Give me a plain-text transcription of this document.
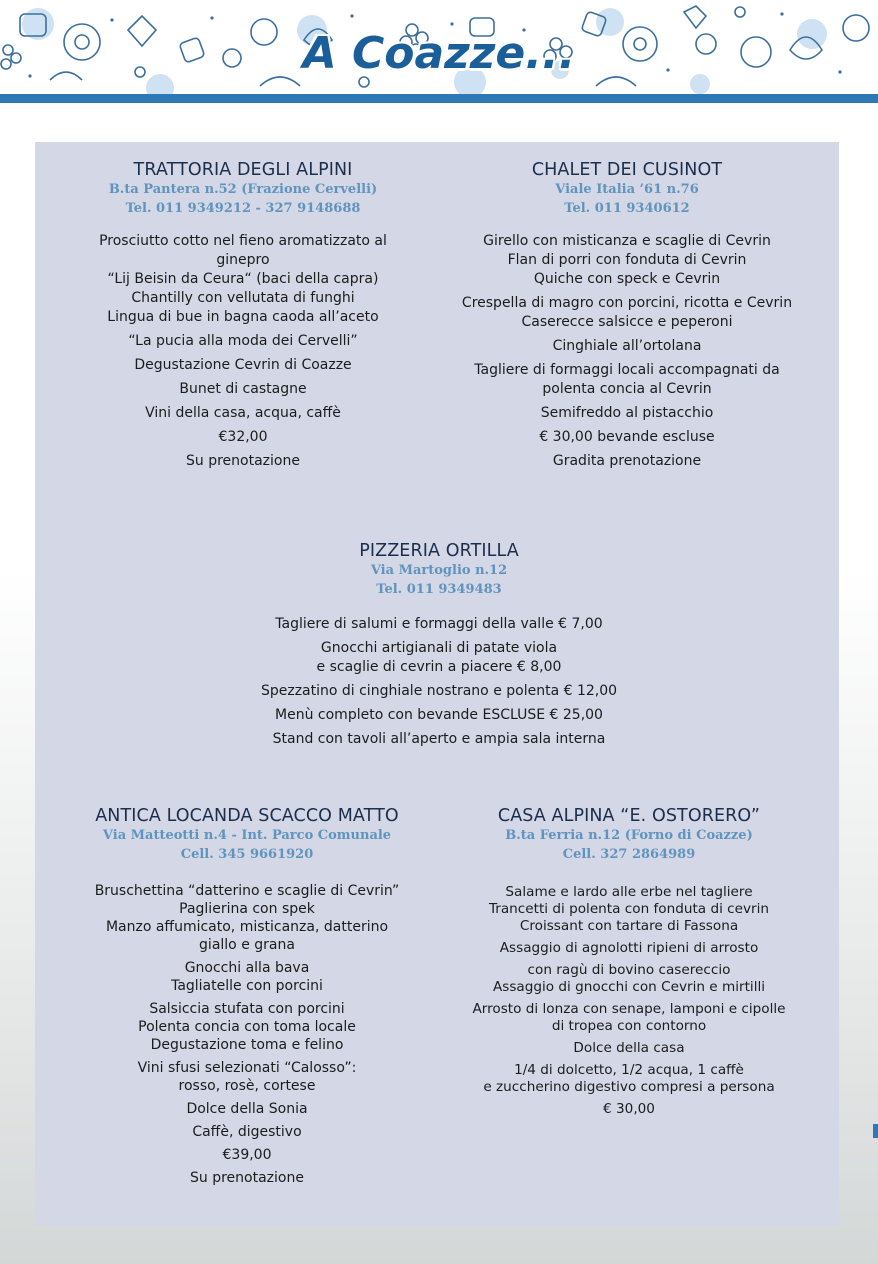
A Coazze...
TRATTORIA DEGLI ALPINI
B.ta Pantera n.52 (Frazione Cervelli)
Tel. 011 9349212 - 327 9148688

Prosciutto cotto nel fieno aromatizzato al
ginepro
“Lij Beisin da Ceura“ (baci della capra)
Chantilly con vellutata di funghi
Lingua di bue in bagna caoda all’aceto

“La pucia alla moda dei Cervelli”

Degustazione Cevrin di Coazze

Bunet di castagne

Vini della casa, acqua, caffè

€32,00

Su prenotazione

CHALET DEI CUSINOT
Viale Italia ’61 n.76
Tel. 011 9340612

Girello con misticanza e scaglie di Cevrin
Flan di porri con fonduta di Cevrin
Quiche con speck e Cevrin

Crespella di magro con porcini, ricotta e Cevrin
Caserecce salsicce e peperoni

Cinghiale all’ortolana

Tagliere di formaggi locali accompagnati da
polenta concia al Cevrin

Semifreddo al pistacchio

€ 30,00 bevande escluse

Gradita prenotazione

PIZZERIA ORTILLA
Via Martoglio n.12
Tel. 011 9349483

Tagliere di salumi e formaggi della valle € 7,00

Gnocchi artigianali di patate viola
e scaglie di cevrin a piacere € 8,00

Spezzatino di cinghiale nostrano e polenta € 12,00

Menù completo con bevande ESCLUSE € 25,00

Stand con tavoli all’aperto e ampia sala interna

ANTICA LOCANDA SCACCO MATTO
Via Matteotti n.4 - Int. Parco Comunale
Cell. 345 9661920

Bruschettina “datterino e scaglie di Cevrin”
Paglierina con spek
Manzo affumicato, misticanza, datterino
giallo e grana

Gnocchi alla bava
Tagliatelle con porcini

Salsiccia stufata con porcini
Polenta concia con toma locale
Degustazione toma e felino

Vini sfusi selezionati “Calosso”:
rosso, rosè, cortese

Dolce della Sonia

Caffè, digestivo

€39,00

Su prenotazione

CASA ALPINA “E. OSTORERO”
B.ta Ferria n.12 (Forno di Coazze)
Cell. 327 2864989

Salame e lardo alle erbe nel tagliere
Trancetti di polenta con fonduta di cevrin
Croissant con tartare di Fassona

Assaggio di agnolotti ripieni di arrosto

con ragù di bovino casereccio
Assaggio di gnocchi con Cevrin e mirtilli

Arrosto di lonza con senape, lamponi e cipolle
di tropea con contorno

Dolce della casa

1/4 di dolcetto, 1/2 acqua, 1 caffè
e zuccherino digestivo compresi a persona

€ 30,00
